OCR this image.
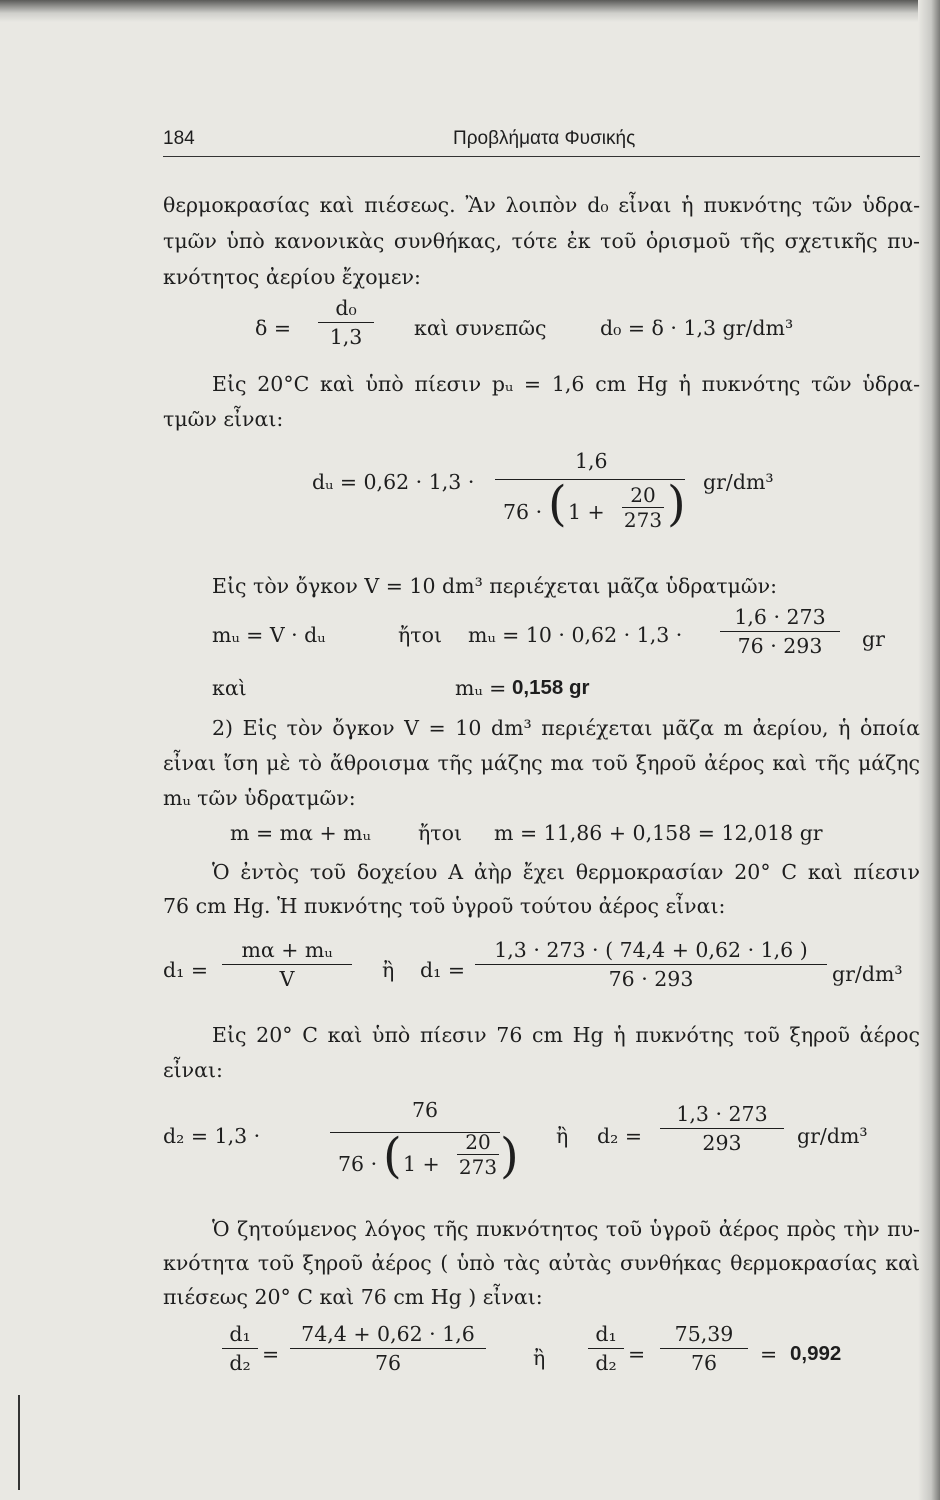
184	Προβλήματα Φυσικής
θερμοκρασίας καὶ πιέσεως. Ἂν λοιπὸν d₀ εἶναι ἡ πυκνότης τῶν ὑδρα-
τμῶν ὑπὸ κανονικὰς συνθήκας, τότε ἐκ τοῦ ὁρισμοῦ τῆς σχετικῆς πυ-
κνότητος ἀερίου ἔχομεν:
δ =
d₀
1,3	καὶ συνεπῶς	d₀ = δ · 1,3 gr/dm³
Εἰς 20°C καὶ ὑπὸ πίεσιν pᵤ = 1,6 cm Hg ἡ πυκνότης τῶν ὑδρα-
τμῶν εἶναι:
dᵤ = 0,62 · 1,3 ·
1,6
76 · ( 1 +
20
273 ) gr/dm³
Εἰς τὸν ὄγκον V = 10 dm³ περιέχεται μᾶζα ὑδρατμῶν:
mᵤ = V · dᵤ	ἤτοι mᵤ = 10 · 0,62 · 1,3 ·
1,6 · 273
76 · 293	gr
καὶ	mᵤ = 0,158 gr
2) Εἰς τὸν ὄγκον V = 10 dm³ περιέχεται μᾶζα m ἀερίου, ἡ ὁποία
εἶναι ἴση μὲ τὸ ἄθροισμα τῆς μάζης mα τοῦ ξηροῦ ἀέρος καὶ τῆς μάζης
mᵤ τῶν ὑδρατμῶν:
m = mα + mᵤ ἤτοι m = 11,86 + 0,158 = 12,018 gr
Ὁ ἐντὸς τοῦ δοχείου Α ἀὴρ ἔχει θερμοκρασίαν 20° C καὶ πίεσιν
76 cm Hg. Ἡ πυκνότης τοῦ ὑγροῦ τούτου ἀέρος εἶναι:
d₁ =
mα + mᵤ
V	ἢ d₁ =
1,3 · 273 · ( 74,4 + 0,62 · 1,6 )
76 · 293	gr/dm³
Εἰς 20° C καὶ ὑπὸ πίεσιν 76 cm Hg ἡ πυκνότης τοῦ ξηροῦ ἀέρος
εἶναι:
d₂ = 1,3 ·
76
76 · ( 1 +
20
273 ) ἢ d₂ =
1,3 · 273
293	gr/dm³
Ὁ ζητούμενος λόγος τῆς πυκνότητος τοῦ ὑγροῦ ἀέρος πρὸς τὴν πυ-
κνότητα τοῦ ξηροῦ ἀέρος ( ὑπὸ τὰς αὐτὰς συνθήκας θερμοκρασίας καὶ
πιέσεως 20° C καὶ 76 cm Hg ) εἶναι:
d₁
d₂ =
74,4 + 0,62 · 1,6
76	ἢ
d₁
d₂ =
75,39
76	= 0,992
